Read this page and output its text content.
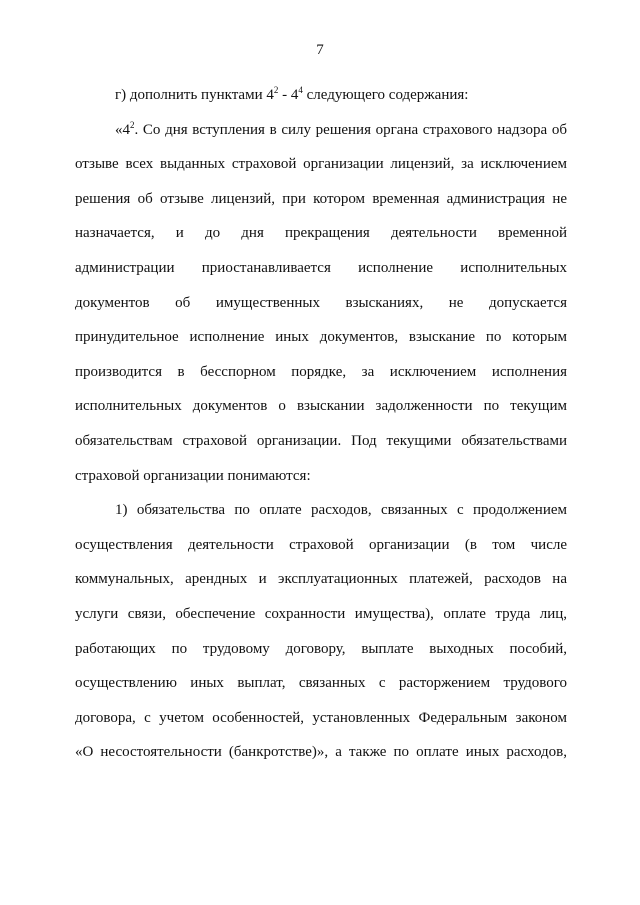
7
г) дополнить пунктами $4^2 - 4^4$ следующего содержания:
«$4^2$. Со дня вступления в силу решения органа страхового надзора об
отзыве всех выданных страховой организации лицензий, за исключением
решения об отзыве лицензий, при котором временная администрация не
назначается, и до дня прекращения деятельности временной
администрации приостанавливается исполнение исполнительных
документов об имущественных взысканиях, не допускается
принудительное исполнение иных документов, взыскание по которым
производится в бесспорном порядке, за исключением исполнения
исполнительных документов о взыскании задолженности по текущим
обязательствам страховой организации. Под текущими обязательствами
страховой организации понимаются:
1) обязательства по оплате расходов, связанных с продолжением
осуществления деятельности страховой организации (в том числе
коммунальных, арендных и эксплуатационных платежей, расходов на
услуги связи, обеспечение сохранности имущества), оплате труда лиц,
работающих по трудовому договору, выплате выходных пособий,
осуществлению иных выплат, связанных с расторжением трудового
договора, с учетом особенностей, установленных Федеральным законом
«О несостоятельности (банкротстве)», а также по оплате иных расходов,
